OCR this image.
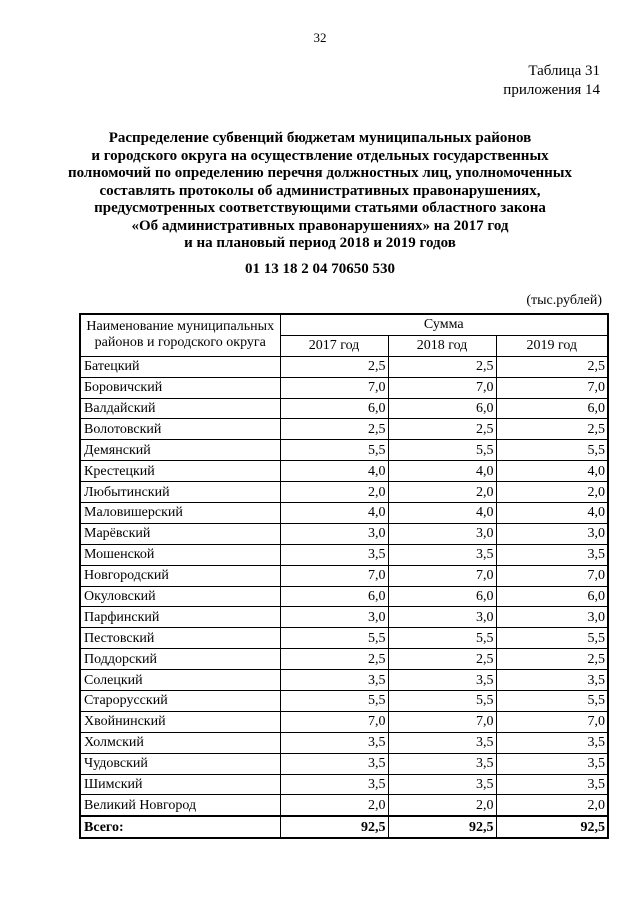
32
Таблица 31
приложения 14
Распределение субвенций бюджетам муниципальных районов
и городского округа на осуществление отдельных государственных
полномочий по определению перечня должностных лиц, уполномоченных
составлять протоколы об административных правонарушениях,
предусмотренных соответствующими статьями областного закона
«Об административных правонарушениях» на 2017 год
и на плановый период 2018 и 2019 годов
01 13 18 2 04 70650 530
(тыс.рублей)
Наименование муниципальных районов и городского округа	Сумма		
	2017 год	2018 год	2019 год
Батецкий	2,5	2,5	2,5
Боровичский	7,0	7,0	7,0
Валдайский	6,0	6,0	6,0
Волотовский	2,5	2,5	2,5
Демянский	5,5	5,5	5,5
Крестецкий	4,0	4,0	4,0
Любытинский	2,0	2,0	2,0
Маловишерский	4,0	4,0	4,0
Марёвский	3,0	3,0	3,0
Мошенской	3,5	3,5	3,5
Новгородский	7,0	7,0	7,0
Окуловский	6,0	6,0	6,0
Парфинский	3,0	3,0	3,0
Пестовский	5,5	5,5	5,5
Поддорский	2,5	2,5	2,5
Солецкий	3,5	3,5	3,5
Старорусский	5,5	5,5	5,5
Хвойнинский	7,0	7,0	7,0
Холмский	3,5	3,5	3,5
Чудовский	3,5	3,5	3,5
Шимский	3,5	3,5	3,5
Великий Новгород	2,0	2,0	2,0
Всего:	92,5	92,5	92,5
